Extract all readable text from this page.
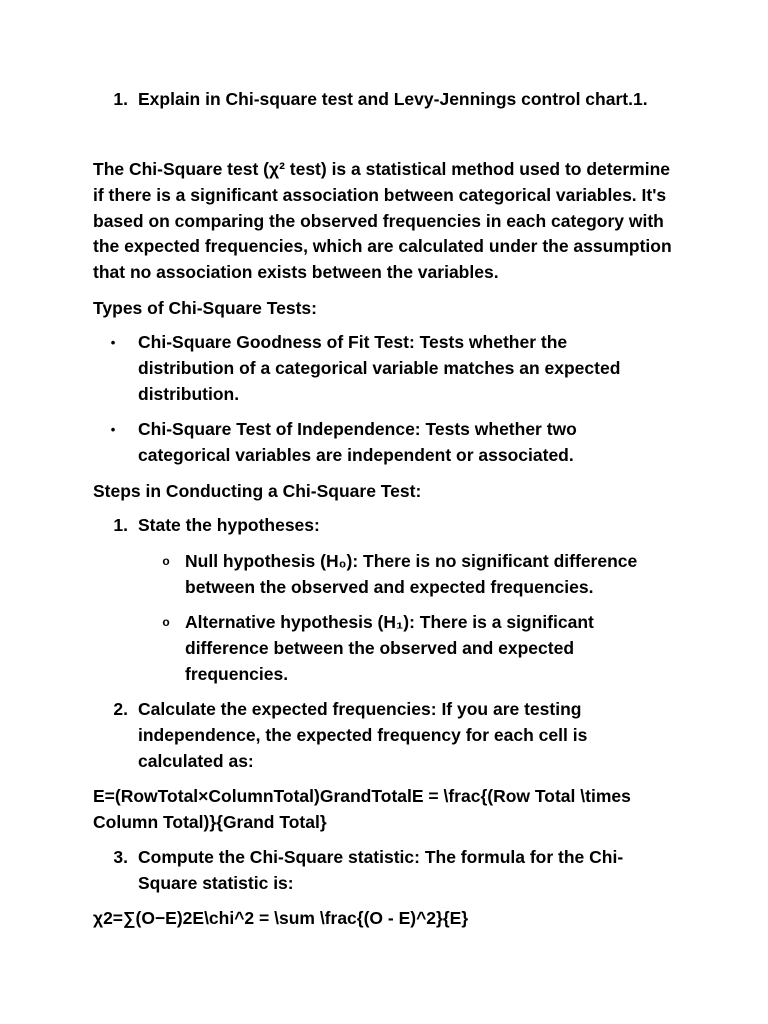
1. Explain in Chi-square test and Levy-Jennings control chart.1.

The Chi-Square test (χ² test) is a statistical method used to determine if there is a significant association between categorical variables. It's based on comparing the observed frequencies in each category with the expected frequencies, which are calculated under the assumption that no association exists between the variables.

Types of Chi-Square Tests:

•	Chi-Square Goodness of Fit Test: Tests whether the distribution of a categorical variable matches an expected distribution.
•	Chi-Square Test of Independence: Tests whether two categorical variables are independent or associated.

Steps in Conducting a Chi-Square Test:

1. State the hypotheses:
o Null hypothesis (H₀): There is no significant difference between the observed and expected frequencies.
o Alternative hypothesis (H₁): There is a significant difference between the observed and expected frequencies.
2. Calculate the expected frequencies: If you are testing independence, the expected frequency for each cell is calculated as:

E=(RowTotal×ColumnTotal)GrandTotalE = \frac{(Row Total \times Column Total)}{Grand Total}

3. Compute the Chi-Square statistic: The formula for the Chi-Square statistic is:

χ2=∑(O−E)2E\chi^2 = \sum \frac{(O - E)^2}{E}
